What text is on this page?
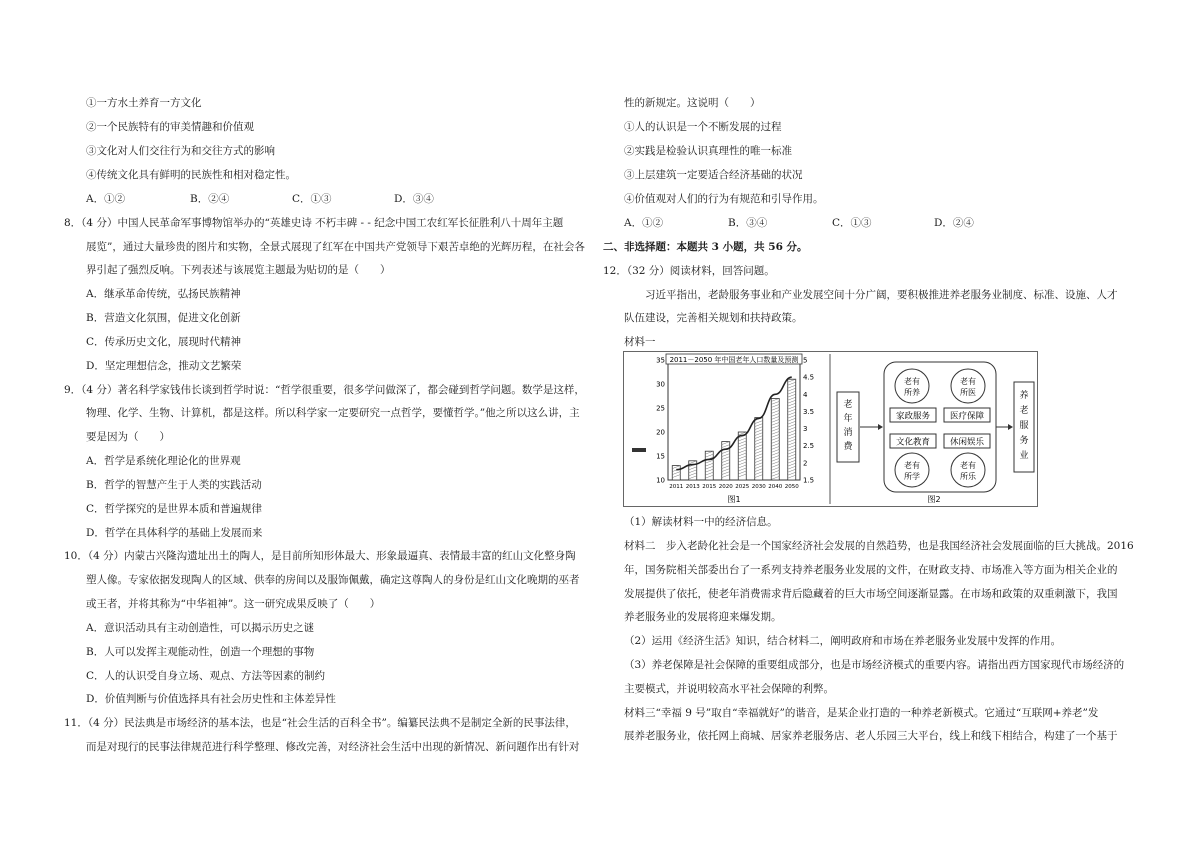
①一方水土养育一方文化
②一个民族特有的审美情趣和价值观
③文化对人们交往行为和交往方式的影响
④传统文化具有鲜明的民族性和相对稳定性。
A．①②	B．②④	C．①③	D．③④
8．（4 分）中国人民革命军事博物馆举办的“英雄史诗 不朽丰碑 - - 纪念中国工农红军长征胜利八十周年主题
展览”，通过大量珍贵的图片和实物，全景式展现了红军在中国共产党领导下艰苦卓绝的光辉历程，在社会各
界引起了强烈反响。下列表述与该展览主题最为贴切的是（　　）
A．继承革命传统，弘扬民族精神
B．营造文化氛围，促进文化创新
C．传承历史文化，展现时代精神
D．坚定理想信念，推动文艺繁荣
9．（4 分）著名科学家钱伟长谈到哲学时说：“哲学很重要，很多学问做深了，都会碰到哲学问题。数学是这样，
物理、化学、生物、计算机，都是这样。所以科学家一定要研究一点哲学，要懂哲学。”他之所以这么讲，主
要是因为（　　）
A．哲学是系统化理论化的世界观
B．哲学的智慧产生于人类的实践活动
C．哲学探究的是世界本质和普遍规律
D．哲学在具体科学的基础上发展而来
10．（4 分）内蒙古兴隆沟遗址出土的陶人，是目前所知形体最大、形象最逼真、表情最丰富的红山文化整身陶
塑人像。专家依据发现陶人的区域、供奉的房间以及服饰佩戴，确定这尊陶人的身份是红山文化晚期的巫者
或王者，并将其称为“中华祖神”。这一研究成果反映了（　　）
A．意识活动具有主动创造性，可以揭示历史之谜
B．人可以发挥主观能动性，创造一个理想的事物
C．人的认识受自身立场、观点、方法等因素的制约
D．价值判断与价值选择具有社会历史性和主体差异性
11．（4 分）民法典是市场经济的基本法，也是“社会生活的百科全书”。编纂民法典不是制定全新的民事法律，
而是对现行的民事法律规范进行科学整理、修改完善，对经济社会生活中出现的新情况、新问题作出有针对
性的新规定。这说明（　　）
①人的认识是一个不断发展的过程
②实践是检验认识真理性的唯一标准
③上层建筑一定要适合经济基础的状况
④价值观对人们的行为有规范和引导作用。
A．①②	B．③④	C．①③	D．②④
二、非选择题：本题共 3 小题，共 56 分。
12．（32 分）阅读材料，回答问题。
习近平指出，老龄服务事业和产业发展空间十分广阔，要积极推进养老服务业制度、标准、设施、人才
队伍建设，完善相关规划和扶持政策。
材料一
（1）解读材料一中的经济信息。
材料二　步入老龄化社会是一个国家经济社会发展的自然趋势，也是我国经济社会发展面临的巨大挑战。2016
年，国务院相关部委出台了一系列支持养老服务业发展的文件，在财政支持、市场准入等方面为相关企业的
发展提供了依托，使老年消费需求背后隐藏着的巨大市场空间逐渐显露。在市场和政策的双重刺激下，我国
养老服务业的发展将迎来爆发期。
（2）运用《经济生活》知识，结合材料二，阐明政府和市场在养老服务业发展中发挥的作用。
（3）养老保障是社会保障的重要组成部分，也是市场经济模式的重要内容。请指出西方国家现代市场经济的
主要模式，并说明较高水平社会保障的利弊。
材料三“幸福 9 号”取自“幸福就好”的谐音，是某企业打造的一种养老新模式。它通过“互联网+养老”发
展养老服务业，依托网上商城、居家养老服务店、老人乐园三大平台，线上和线下相结合，构建了一个基于
2011－2050 年中国老年人口数量及预测
10
15
20
25
30
35
1.5
2
2.5
3
3.5
4
4.5
5
2011 2013 2015 2020 2025 2030 2040 2050
图1
老年消费
老有
所养
老有
所医
老有
所学
老有
所乐
家政服务 医疗保障
文化教育 休闲娱乐
养老服务业
图2
